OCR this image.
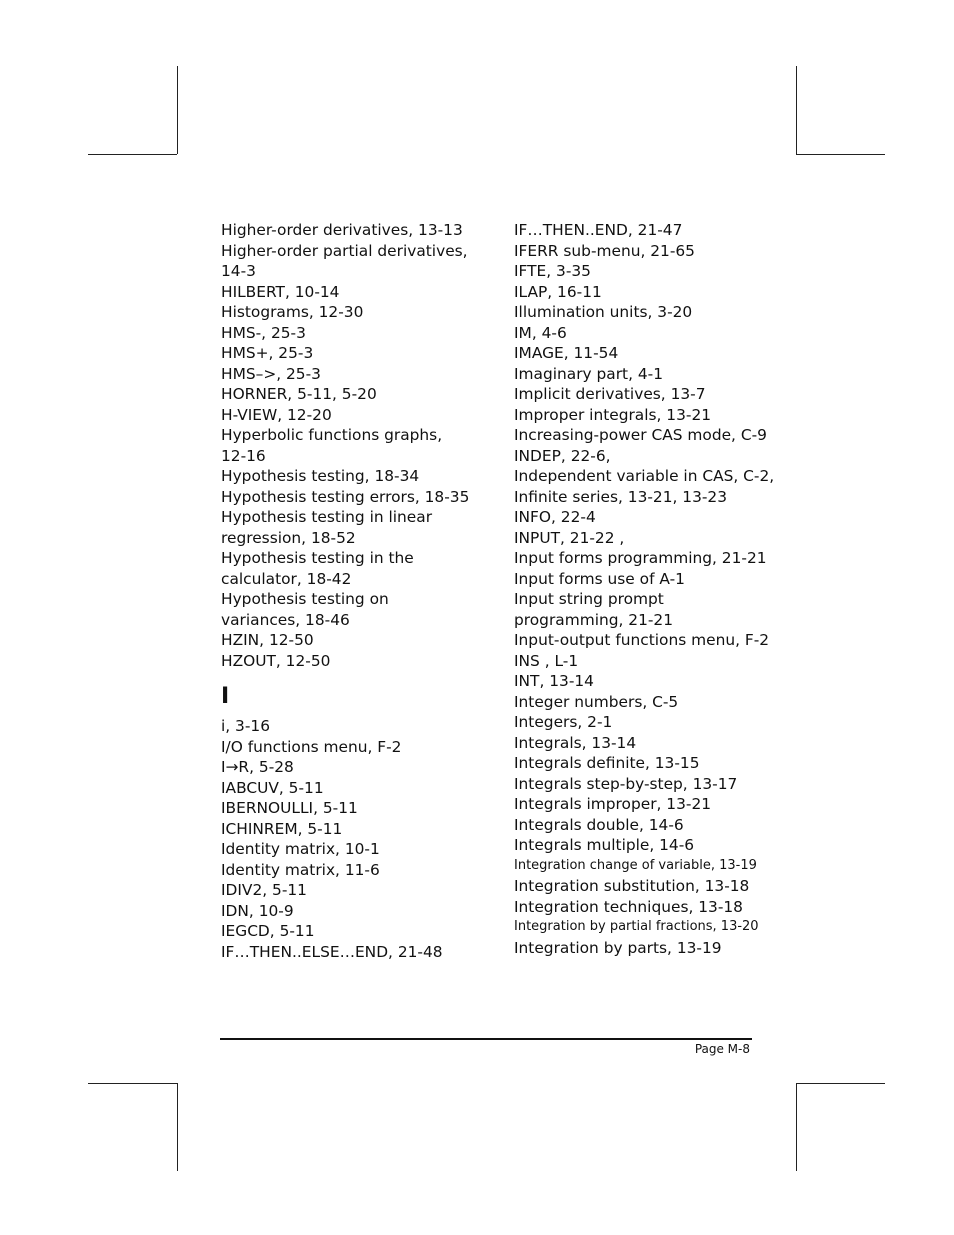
Higher-order derivatives, 13-13
Higher-order partial derivatives, 14-3
HILBERT, 10-14
Histograms, 12-30
HMS-, 25-3
HMS+, 25-3
HMS–>, 25-3
HORNER, 5-11, 5-20
H-VIEW, 12-20
Hyperbolic functions graphs, 12-16
Hypothesis testing, 18-34
Hypothesis testing errors, 18-35
Hypothesis testing in linear regression, 18-52
Hypothesis testing in the calculator, 18-42
Hypothesis testing on variances, 18-46
HZIN, 12-50
HZOUT, 12-50
I
i, 3-16
I/O functions menu, F-2
I→R, 5-28
IABCUV, 5-11
IBERNOULLI, 5-11
ICHINREM, 5-11
Identity matrix, 10-1
Identity matrix, 11-6
IDIV2, 5-11
IDN, 10-9
IEGCD, 5-11
IF…THEN..ELSE…END, 21-48
IF…THEN..END, 21-47
IFERR sub-menu, 21-65
IFTE, 3-35
ILAP, 16-11
Illumination units, 3-20
IM, 4-6
IMAGE, 11-54
Imaginary part, 4-1
Implicit derivatives, 13-7
Improper integrals, 13-21
Increasing-power CAS mode, C-9
INDEP, 22-6,
Independent variable in CAS, C-2,
Infinite series, 13-21, 13-23
INFO, 22-4
INPUT, 21-22 ,
Input forms programming, 21-21
Input forms use of A-1
Input string prompt programming, 21-21
Input-output functions menu, F-2
INS , L-1
INT, 13-14
Integer numbers, C-5
Integers, 2-1
Integrals, 13-14
Integrals definite, 13-15
Integrals step-by-step, 13-17
Integrals improper, 13-21
Integrals double, 14-6
Integrals multiple, 14-6
Integration change of variable, 13-19
Integration substitution, 13-18
Integration techniques, 13-18
Integration by partial fractions, 13-20
Integration by parts, 13-19
Page M-8
